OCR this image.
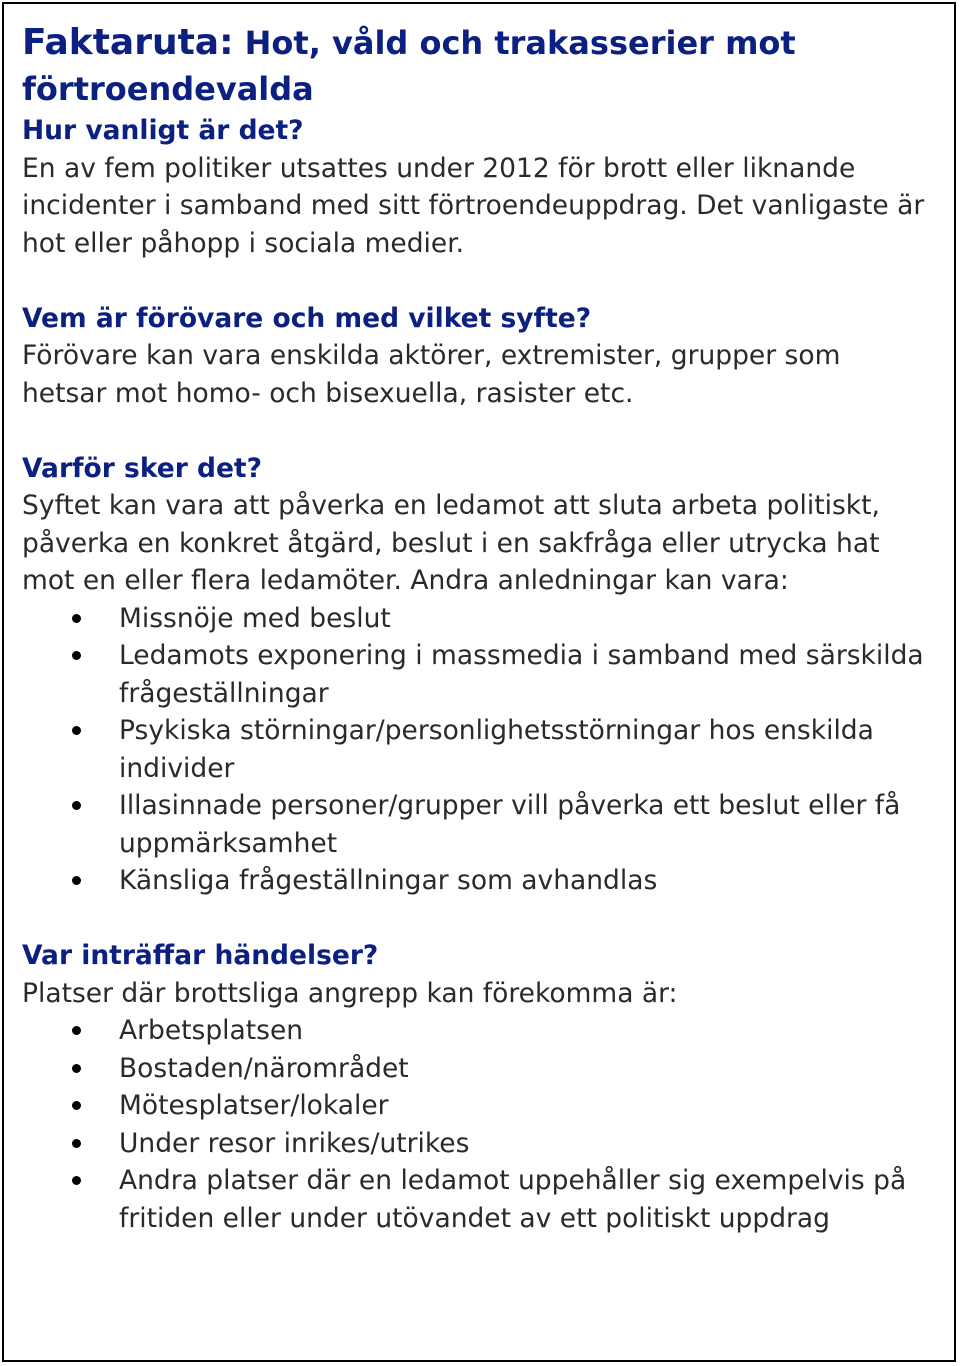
Faktaruta: Hot, våld och trakasserier mot förtroendevalda
Hur vanligt är det?

En av fem politiker utsattes under 2012 för brott eller liknande incidenter i samband med sitt förtroendeuppdrag. Det vanligaste är hot eller påhopp i sociala medier.

Vem är förövare och med vilket syfte?

Förövare kan vara enskilda aktörer, extremister, grupper som hetsar mot homo- och bisexuella, rasister etc.

Varför sker det?

Syftet kan vara att påverka en ledamot att sluta arbeta politiskt, påverka en konkret åtgärd, beslut i en sakfråga eller utrycka hat mot en eller flera ledamöter. Andra anledningar kan vara:

Missnöje med beslut
Ledamots exponering i massmedia i samband med särskilda frågeställningar
Psykiska störningar/personlighetsstörningar hos enskilda individer
Illasinnade personer/grupper vill påverka ett beslut eller få uppmärksamhet
Känsliga frågeställningar som avhandlas
Var inträffar händelser?

Platser där brottsliga angrepp kan förekomma är:

Arbetsplatsen
Bostaden/närområdet
Mötesplatser/lokaler
Under resor inrikes/utrikes
Andra platser där en ledamot uppehåller sig exempelvis på fritiden eller under utövandet av ett politiskt uppdrag
